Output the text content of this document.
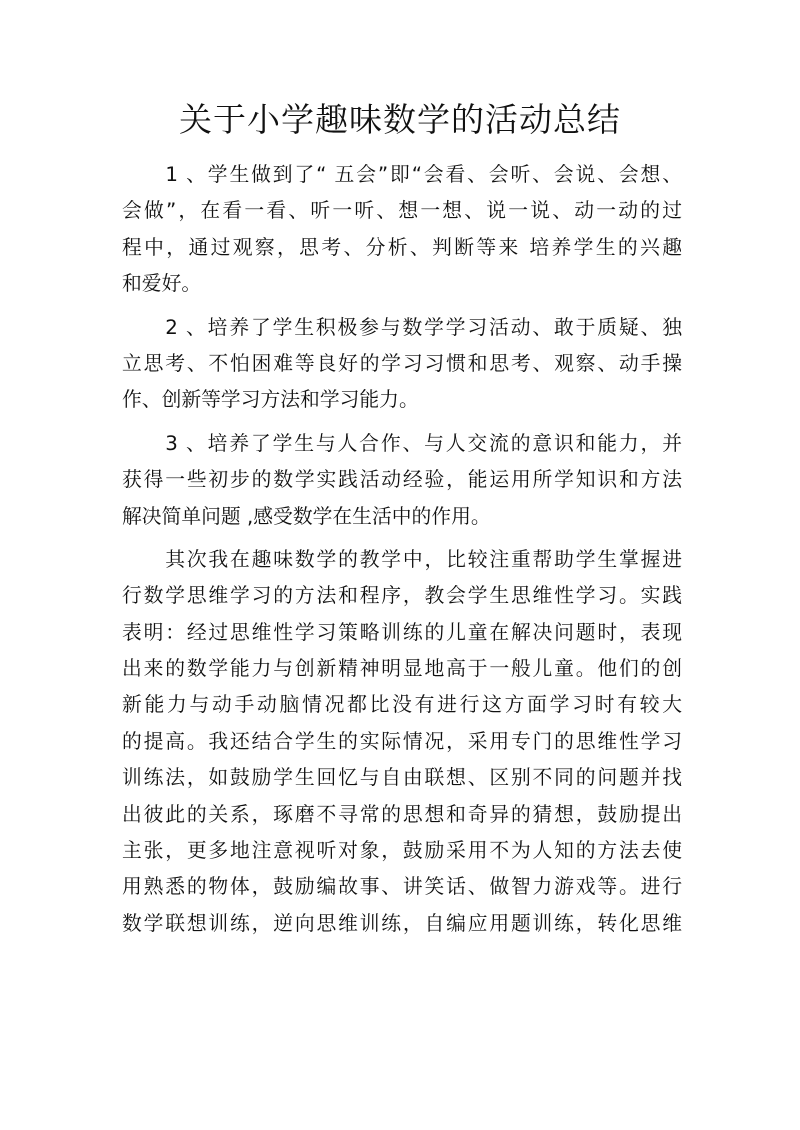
关于小学趣味数学的活动总结
　　1 、学生做到了“ 五会”即“会看、会听、会说、会想、
会做”，在看一看、听一听、想一想、说一说、动一动的过
程中，通过观察，思考、分析、判断等来 培养学生的兴趣
和爱好。
　　2 、培养了学生积极参与数学学习活动、敢于质疑、独
立思考、不怕困难等良好的学习习惯和思考、观察、动手操
作、创新等学习方法和学习能力。
　　3 、培养了学生与人合作、与人交流的意识和能力，并
获得一些初步的数学实践活动经验，能运用所学知识和方法
解决简单问题 ,感受数学在生活中的作用。
　　其次我在趣味数学的教学中，比较注重帮助学生掌握进
行数学思维学习的方法和程序，教会学生思维性学习。实践
表明：经过思维性学习策略训练的儿童在解决问题时，表现
出来的数学能力与创新精神明显地高于一般儿童。他们的创
新能力与动手动脑情况都比没有进行这方面学习时有较大
的提高。我还结合学生的实际情况，采用专门的思维性学习
训练法，如鼓励学生回忆与自由联想、区别不同的问题并找
出彼此的关系，琢磨不寻常的思想和奇异的猜想，鼓励提出
主张，更多地注意视听对象，鼓励采用不为人知的方法去使
用熟悉的物体，鼓励编故事、讲笑话、做智力游戏等。进行
数学联想训练，逆向思维训练，自编应用题训练，转化思维
